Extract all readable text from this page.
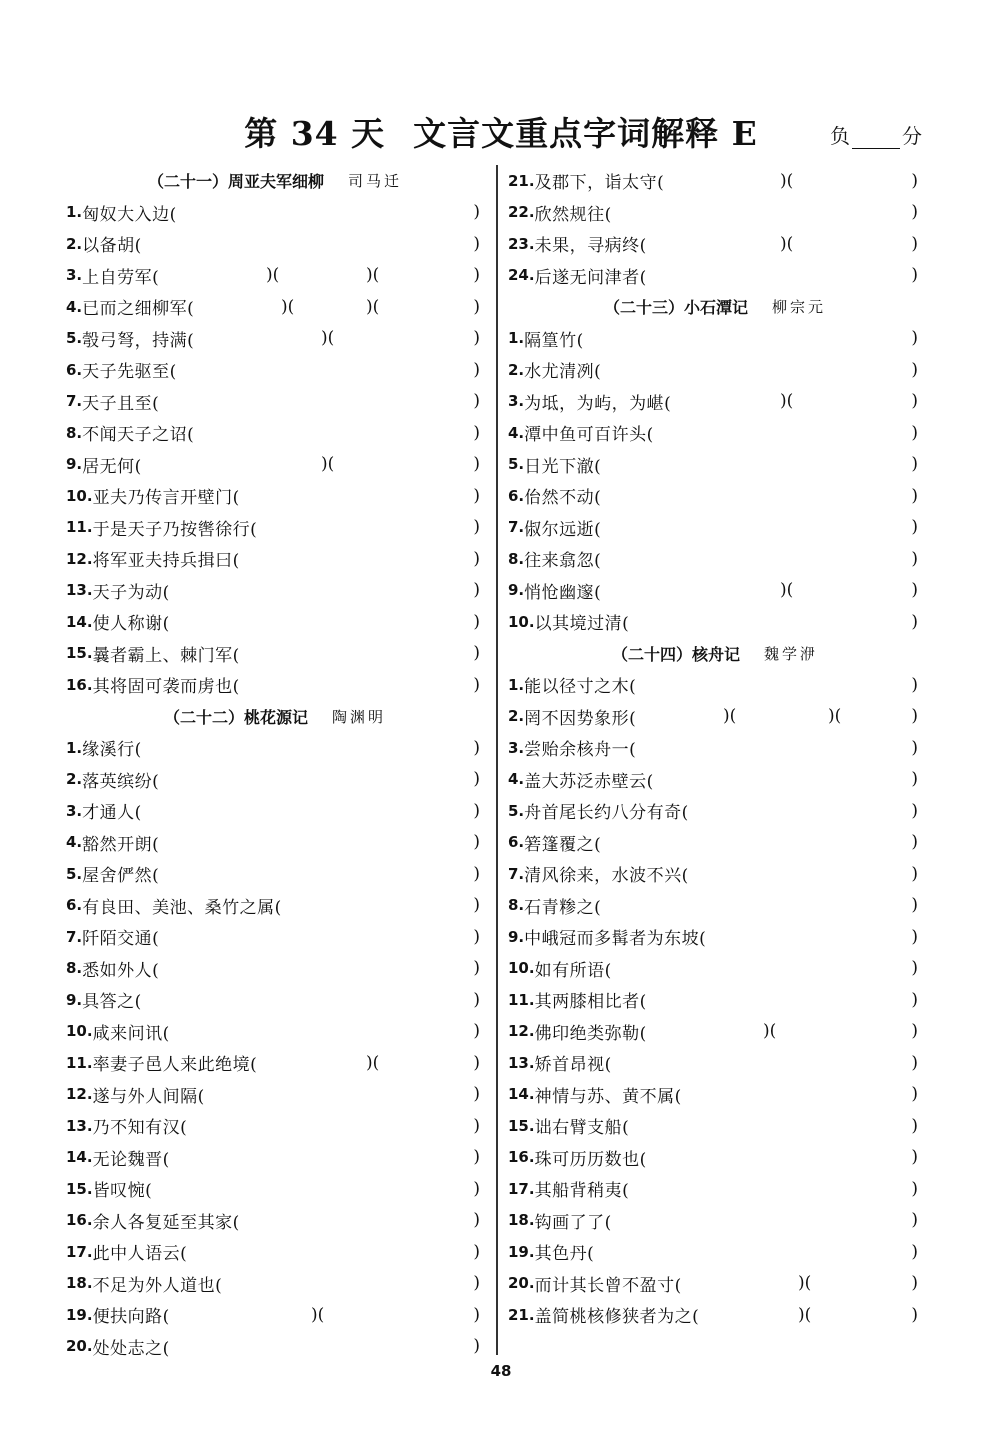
第 34 天 文言文重点字词解释 E	负	分
（二十一）周亚夫军细柳 司马迁
1. 匈奴大入边(	)
2. 以备胡(	)
3. 上自劳军(	)(	)(	)
4. 已而之细柳军(	)(	)(	)
5. 彀弓弩，持满(	)(	)
6. 天子先驱至(	)
7. 天子且至(	)
8. 不闻天子之诏(	)
9. 居无何(	)(	)
10. 亚夫乃传言开壁门(	)
11. 于是天子乃按辔徐行(	)
12. 将军亚夫持兵揖曰(	)
13. 天子为动(	)
14. 使人称谢(	)
15. 曩者霸上、棘门军(	)
16. 其将固可袭而虏也(	)
（二十二）桃花源记 陶渊明
1. 缘溪行(	)
2. 落英缤纷(	)
3. 才通人(	)
4. 豁然开朗(	)
5. 屋舍俨然(	)
6. 有良田、美池、桑竹之属(	)
7. 阡陌交通(	)
8. 悉如外人(	)
9. 具答之(	)
10. 咸来问讯(	)
11. 率妻子邑人来此绝境(	)(	)
12. 遂与外人间隔(	)
13. 乃不知有汉(	)
14. 无论魏晋(	)
15. 皆叹惋(	)
16. 余人各复延至其家(	)
17. 此中人语云(	)
18. 不足为外人道也(	)
19. 便扶向路(	)(	)
20. 处处志之(	)
21. 及郡下，诣太守(	)(	)
22. 欣然规往(	)
23. 未果，寻病终(	)(	)
24. 后遂无问津者(	)
（二十三）小石潭记 柳宗元
1. 隔篁竹(	)
2. 水尤清冽(	)
3. 为坻，为屿，为嵁(	)(	)
4. 潭中鱼可百许头(	)
5. 日光下澈(	)
6. 佁然不动(	)
7. 俶尔远逝(	)
8. 往来翕忽(	)
9. 悄怆幽邃(	)(	)
10. 以其境过清(	)
（二十四）核舟记 魏学洢
1. 能以径寸之木(	)
2. 罔不因势象形(	)(	)(	)
3. 尝贻余核舟一(	)
4. 盖大苏泛赤壁云(	)
5. 舟首尾长约八分有奇(	)
6. 箬篷覆之(	)
7. 清风徐来，水波不兴(	)
8. 石青糁之(	)
9. 中峨冠而多髯者为东坡(	)
10. 如有所语(	)
11. 其两膝相比者(	)
12. 佛印绝类弥勒(	)(	)
13. 矫首昂视(	)
14. 神情与苏、黄不属(	)
15. 诎右臂支船(	)
16. 珠可历历数也(	)
17. 其船背稍夷(	)
18. 钩画了了(	)
19. 其色丹(	)
20. 而计其长曾不盈寸(	)(	)
21. 盖简桃核修狭者为之(	)(	)
48
